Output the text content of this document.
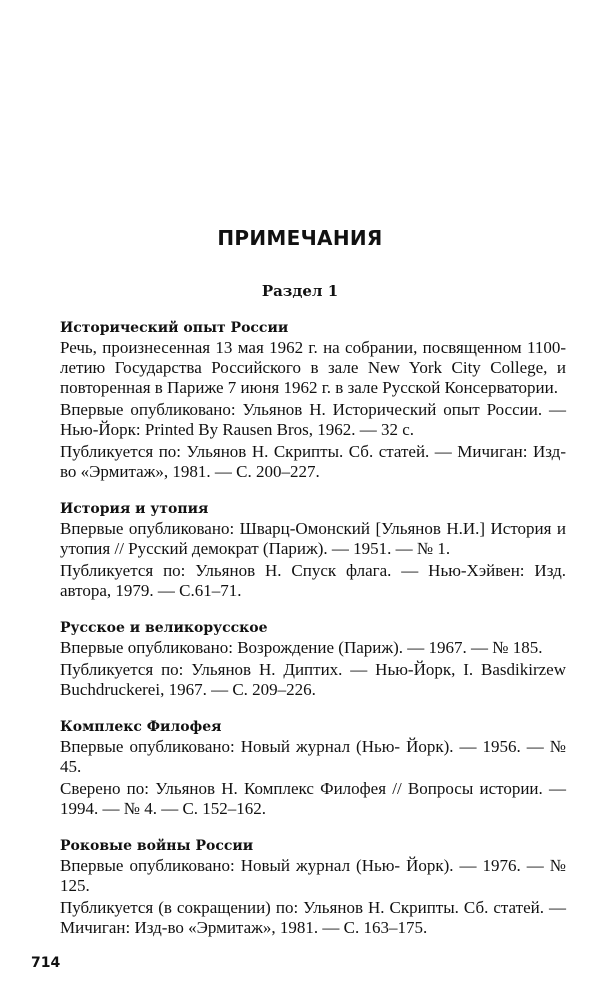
ПРИМЕЧАНИЯ
Раздел 1
Исторический опыт России
Речь, произнесенная 13 мая 1962 г. на собрании, посвященном 1100-летию Государства Российского в зале New York City College, и повторенная в Париже 7 июня 1962 г. в зале Русской Консерватории.
Впервые опубликовано: Ульянов Н. Исторический опыт России. — Нью-Йорк: Printed By Rausen Bros, 1962. — 32 с.
Публикуется по: Ульянов Н. Скрипты. Сб. статей. — Мичиган: Изд-во «Эрмитаж», 1981. — С. 200–227.
История и утопия
Впервые опубликовано: Шварц-Омонский [Ульянов Н.И.] История и утопия // Русский демократ (Париж). — 1951. — № 1.
Публикуется по: Ульянов Н. Спуск флага. — Нью-Хэйвен: Изд. автора, 1979. — С.61–71.
Русское и великорусское
Впервые опубликовано: Возрождение (Париж). — 1967. — № 185.
Публикуется по: Ульянов Н. Диптих. — Нью-Йорк, I. Basdikirzew Buchdruckerei, 1967. — С. 209–226.
Комплекс Филофея
Впервые опубликовано: Новый журнал (Нью- Йорк). — 1956. — № 45.
Сверено по: Ульянов Н. Комплекс Филофея // Вопросы истории. — 1994. — № 4. — С. 152–162.
Роковые войны России
Впервые опубликовано: Новый журнал (Нью- Йорк). — 1976. — № 125.
Публикуется (в сокращении) по: Ульянов Н. Скрипты. Сб. статей. — Мичиган: Изд-во «Эрмитаж», 1981. — С. 163–175.
714
